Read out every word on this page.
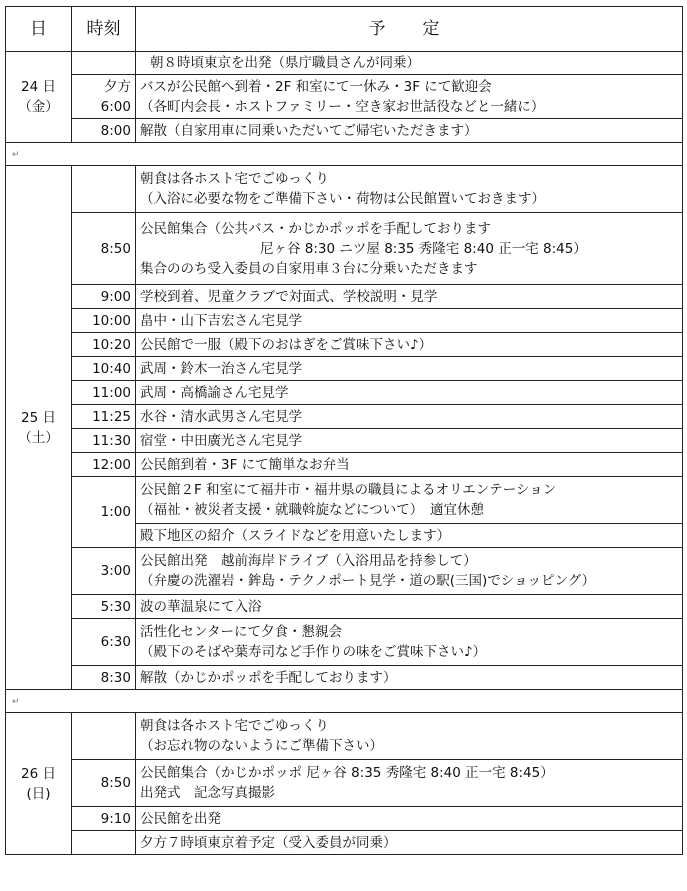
日	時刻	予　定

24 日
（金）		朝８時頃東京を出発（県庁職員さんが同乗）

	夕方
6:00	バスが公民館へ到着・2F 和室にて一休み・3F にて歓迎会
（各町内会長・ホストファミリー・空き家お世話役などと一緒に）

	8:00	解散（自家用車に同乗いただいてご帰宅いただきます）

↵		

25 日
（土）		朝食は各ホスト宅でごゆっくり
（入浴に必要な物をご準備下さい・荷物は公民館置いておきます）

	8:50	公民館集合（公共バス・かじかポッポを手配しております
尼ヶ谷 8:30 ニツ屋 8:35 秀隆宅 8:40 正一宅 8:45）
集合ののち受入委員の自家用車３台に分乗いただきます

	9:00	学校到着、児童クラブで対面式、学校説明・見学

	10:00	畠中・山下吉宏さん宅見学

	10:20	公民館で一服（殿下のおはぎをご賞味下さい♪）

	10:40	武周・鈴木一治さん宅見学

	11:00	武周・高橋諭さん宅見学

	11:25	水谷・清水武男さん宅見学

	11:30	宿堂・中田廣光さん宅見学

	12:00	公民館到着・3F にて簡単なお弁当

	1:00	公民館２F 和室にて福井市・福井県の職員によるオリエンテーション
（福祉・被災者支援・就職斡旋などについて）　適宜休憩

		殿下地区の紹介（スライドなどを用意いたします）

	3:00	公民館出発　越前海岸ドライブ（入浴用品を持参して）
（弁慶の洗濯岩・鉾島・テクノポート見学・道の駅(三国)でショッピング）

	5:30	波の華温泉にて入浴

	6:30	活性化センターにて夕食・懇親会
（殿下のそばや葉寿司など手作りの味をご賞味下さい♪）

	8:30	解散（かじかポッポを手配しております）

↵		

26 日
(日)		朝食は各ホスト宅でごゆっくり
（お忘れ物のないようにご準備下さい）

	8:50	公民館集合（かじかポッポ 尼ヶ谷 8:35 秀隆宅 8:40 正一宅 8:45）
出発式　記念写真撮影

	9:10	公民館を出発

		夕方７時頃東京着予定（受入委員が同乗）
